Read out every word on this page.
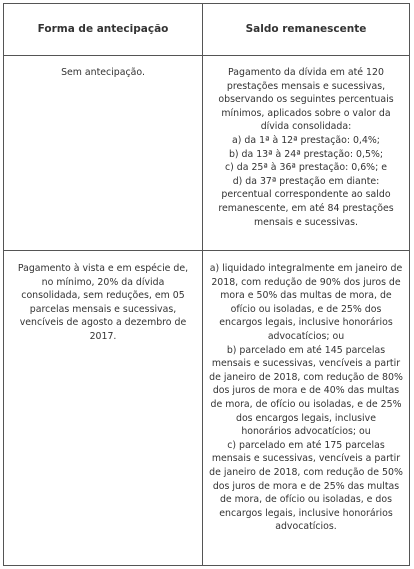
Forma de antecipação	Saldo remanescente

Sem antecipação.	Pagamento da dívida em até 120

prestações mensais e sucessivas,

observando os seguintes percentuais

mínimos, aplicados sobre o valor da

dívida consolidada:

a) da 1ª à 12ª prestação: 0,4%;

b) da 13ª à 24ª prestação: 0,5%;

c) da 25ª à 36ª prestação: 0,6%; e

d) da 37ª prestação em diante:

percentual correspondente ao saldo

remanescente, em até 84 prestações

mensais e sucessivas.

Pagamento à vista e em espécie de,

no mínimo, 20% da dívida

consolidada, sem reduções, em 05

parcelas mensais e sucessivas,

vencíveis de agosto a dezembro de

2017.

a) liquidado integralmente em janeiro de

2018, com redução de 90% dos juros de

mora e 50% das multas de mora, de

ofício ou isoladas, e de 25% dos

encargos legais, inclusive honorários

advocatícios; ou

b) parcelado em até 145 parcelas

mensais e sucessivas, vencíveis a partir

de janeiro de 2018, com redução de 80%

dos juros de mora e de 40% das multas

de mora, de ofício ou isoladas, e de 25%

dos encargos legais, inclusive

honorários advocatícios; ou

c) parcelado em até 175 parcelas

mensais e sucessivas, vencíveis a partir

de janeiro de 2018, com redução de 50%

dos juros de mora e de 25% das multas

de mora, de ofício ou isoladas, e dos

encargos legais, inclusive honorários

advocatícios.
